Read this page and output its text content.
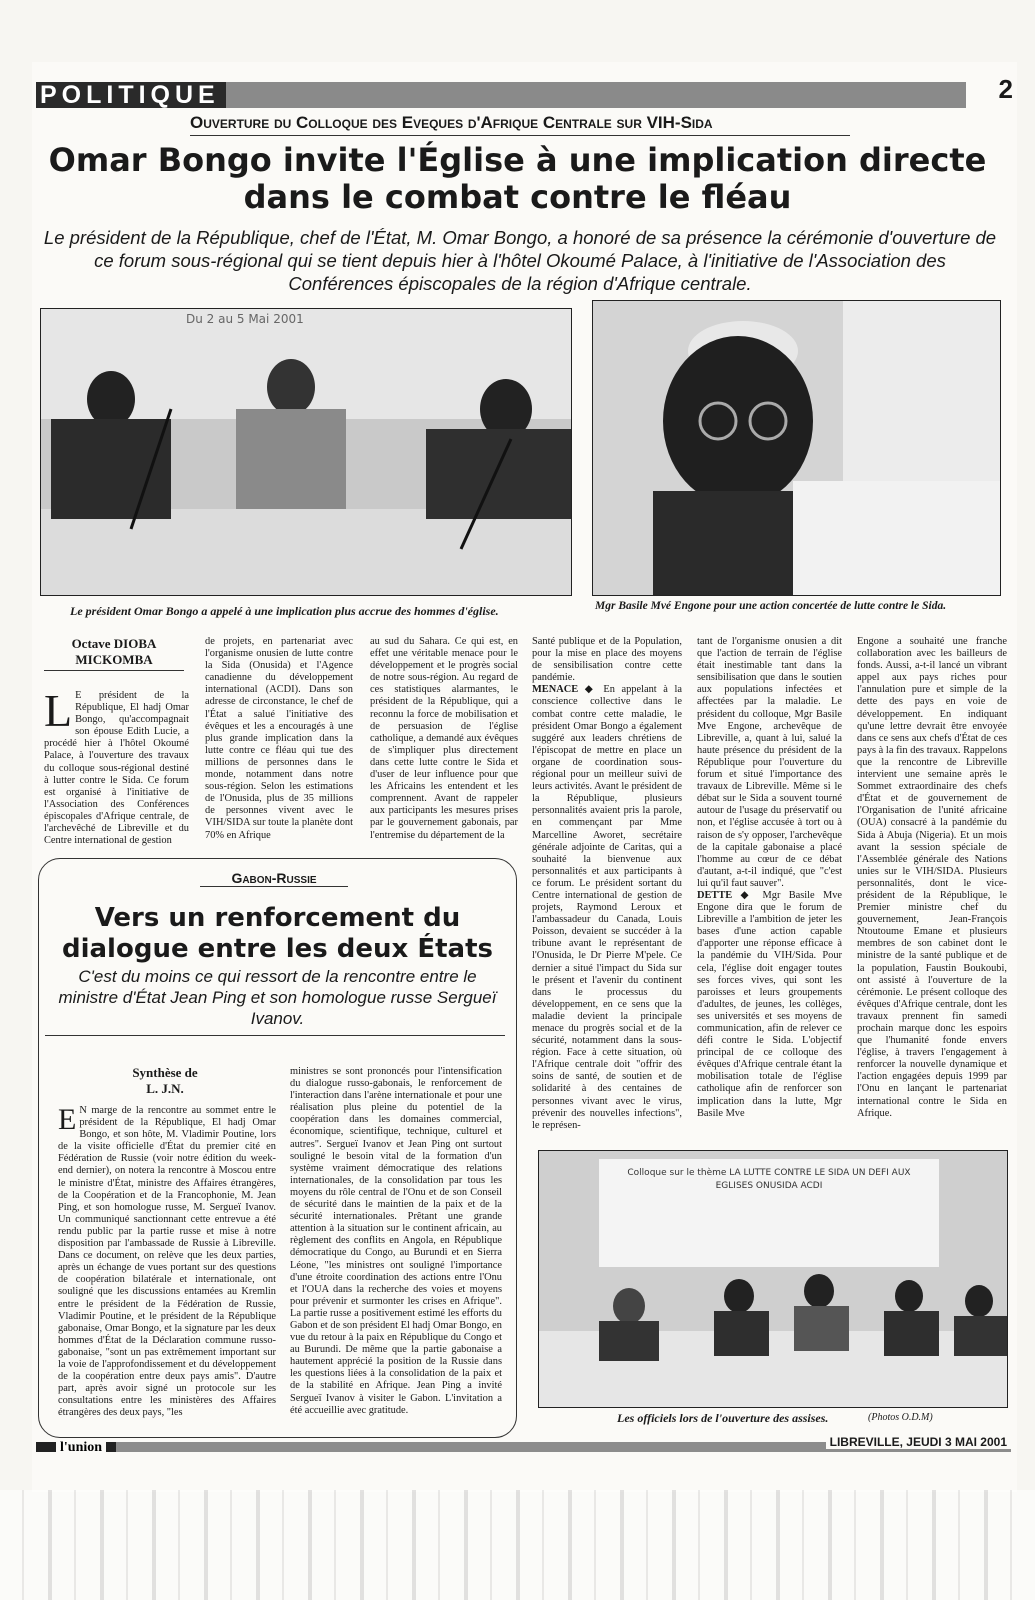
POLITIQUE	2
Ouverture du Colloque des Eveques d'Afrique Centrale sur VIH-Sida
Omar Bongo invite l'Église à une implication directe dans le combat contre le fléau
Le président de la République, chef de l'État, M. Omar Bongo, a honoré de sa présence la cérémonie d'ouverture de ce forum sous-régional qui se tient depuis hier à l'hôtel Okoumé Palace, à l'initiative de l'Association des Conférences épiscopales de la région d'Afrique centrale.
Du 2 au 5 Mai 2001
Le président Omar Bongo a appelé à une implication plus accrue des hommes d'église.	Mgr Basile Mvé Engone pour une action concertée de lutte contre le Sida.
Octave DIOBA MICKOMBA
L E président de la République, El hadj Omar Bongo, qu'accompagnait son épouse Edith Lucie, a procédé hier à l'hôtel Okoumé Palace, à l'ouverture des travaux du colloque sous-régional destiné à lutter contre le Sida. Ce forum est organisé à l'initiative de l'Association des Conférences épiscopales d'Afrique centrale, de l'archevêché de Libreville et du Centre international de gestion
de projets, en partenariat avec l'organisme onusien de lutte contre la Sida (Onusida) et l'Agence canadienne du développement international (ACDI). Dans son adresse de circonstance, le chef de l'État a salué l'initiative des évêques et les a encouragés à une plus grande implication dans la lutte contre ce fléau qui tue des millions de personnes dans le monde, notamment dans notre sous-région. Selon les estimations de l'Onusida, plus de 35 millions de personnes vivent avec le VIH/SIDA sur toute la planète dont 70% en Afrique
au sud du Sahara. Ce qui est, en effet une véritable menace pour le développement et le progrès social de notre sous-région. Au regard de ces statistiques alarmantes, le président de la République, qui a reconnu la force de mobilisation et de persuasion de l'église catholique, a demandé aux évêques de s'impliquer plus directement dans cette lutte contre le Sida et d'user de leur influence pour que les Africains les entendent et les comprennent. Avant de rappeler aux participants les mesures prises par le gouvernement gabonais, par l'entremise du département de la
Santé publique et de la Population, pour la mise en place des moyens de sensibilisation contre cette pandémie.
MENACE ◆ En appelant à la conscience collective dans le combat contre cette maladie, le président Omar Bongo a également suggéré aux leaders chrétiens de l'épiscopat de mettre en place un organe de coordination sous-régional pour un meilleur suivi de leurs activités. Avant le président de la République, plusieurs personnalités avaient pris la parole, en commençant par Mme Marcelline Aworet, secrétaire générale adjointe de Caritas, qui a souhaité la bienvenue aux personnalités et aux participants à ce forum. Le président sortant du Centre international de gestion de projets, Raymond Leroux et l'ambassadeur du Canada, Louis Poisson, devaient se succéder à la tribune avant le représentant de l'Onusida, le Dr Pierre M'pele. Ce dernier a situé l'impact du Sida sur le présent et l'avenir du continent dans le processus du développement, en ce sens que la maladie devient la principale menace du progrès social et de la sécurité, notamment dans la sous-région. Face à cette situation, où l'Afrique centrale doit "offrir des soins de santé, de soutien et de solidarité à des centaines de personnes vivant avec le virus, prévenir des nouvelles infections", le représen-
tant de l'organisme onusien a dit que l'action de terrain de l'église était inestimable tant dans la sensibilisation que dans le soutien aux populations infectées et affectées par la maladie. Le président du colloque, Mgr Basile Mve Engone, archevêque de Libreville, a, quant à lui, salué la haute présence du président de la République pour l'ouverture du forum et situé l'importance des travaux de Libreville. Même si le débat sur le Sida a souvent tourné autour de l'usage du préservatif ou non, et l'église accusée à tort ou à raison de s'y opposer, l'archevêque de la capitale gabonaise a placé l'homme au cœur de ce débat d'autant, a-t-il indiqué, que "c'est lui qu'il faut sauver".
DETTE ◆ Mgr Basile Mve Engone dira que le forum de Libreville a l'ambition de jeter les bases d'une action capable d'apporter une réponse efficace à la pandémie du VIH/Sida. Pour cela, l'église doit engager toutes ses forces vives, qui sont les paroisses et leurs groupements d'adultes, de jeunes, les collèges, ses universités et ses moyens de communication, afin de relever ce défi contre le Sida. L'objectif principal de ce colloque des évêques d'Afrique centrale étant la mobilisation totale de l'église catholique afin de renforcer son implication dans la lutte, Mgr Basile Mve
Engone a souhaité une franche collaboration avec les bailleurs de fonds. Aussi, a-t-il lancé un vibrant appel aux pays riches pour l'annulation pure et simple de la dette des pays en voie de développement. En indiquant qu'une lettre devrait être envoyée dans ce sens aux chefs d'État de ces pays à la fin des travaux. Rappelons que la rencontre de Libreville intervient une semaine après le Sommet extraordinaire des chefs d'État et de gouvernement de l'Organisation de l'unité africaine (OUA) consacré à la pandémie du Sida à Abuja (Nigeria). Et un mois avant la session spéciale de l'Assemblée générale des Nations unies sur le VIH/SIDA. Plusieurs personnalités, dont le vice-président de la République, le Premier ministre chef du gouvernement, Jean-François Ntoutoume Emane et plusieurs membres de son cabinet dont le ministre de la santé publique et de la population, Faustin Boukoubi, ont assisté à l'ouverture de la cérémonie. Le présent colloque des évêques d'Afrique centrale, dont les travaux prennent fin samedi prochain marque donc les espoirs que l'humanité fonde envers l'église, à travers l'engagement à renforcer la nouvelle dynamique et l'action engagées depuis 1999 par l'Onu en lançant le partenariat international contre le Sida en Afrique.
Gabon-Russie
Vers un renforcement du dialogue entre les deux États
C'est du moins ce qui ressort de la rencontre entre le ministre d'État Jean Ping et son homologue russe Sergueï Ivanov.
Synthèse de
L. J.N.
E N marge de la rencontre au sommet entre le président de la République, El hadj Omar Bongo, et son hôte, M. Vladimir Poutine, lors de la visite officielle d'État du premier cité en Fédération de Russie (voir notre édition du week-end dernier), on notera la rencontre à Moscou entre le ministre d'État, ministre des Affaires étrangères, de la Coopération et de la Francophonie, M. Jean Ping, et son homologue russe, M. Sergueï Ivanov. Un communiqué sanctionnant cette entrevue a été rendu public par la partie russe et mise à notre disposition par l'ambassade de Russie à Libreville. Dans ce document, on relève que les deux parties, après un échange de vues portant sur des questions de coopération bilatérale et internationale, ont souligné que les discussions entamées au Kremlin entre le président de la Fédération de Russie, Vladimir Poutine, et le président de la République gabonaise, Omar Bongo, et la signature par les deux hommes d'État de la Déclaration commune russo-gabonaise, "sont un pas extrêmement important sur la voie de l'approfondissement et du développement de la coopération entre deux pays amis". D'autre part, après avoir signé un protocole sur les consultations entre les ministères des Affaires étrangères des deux pays, "les
ministres se sont prononcés pour l'intensification du dialogue russo-gabonais, le renforcement de l'interaction dans l'arène internationale et pour une réalisation plus pleine du potentiel de la coopération dans les domaines commercial, économique, scientifique, technique, culturel et autres". Sergueï Ivanov et Jean Ping ont surtout souligné le besoin vital de la formation d'un système vraiment démocratique des relations internationales, de la consolidation par tous les moyens du rôle central de l'Onu et de son Conseil de sécurité dans le maintien de la paix et de la sécurité internationales. Prêtant une grande attention à la situation sur le continent africain, au règlement des conflits en Angola, en République démocratique du Congo, au Burundi et en Sierra Léone, "les ministres ont souligné l'importance d'une étroite coordination des actions entre l'Onu et l'OUA dans la recherche des voies et moyens pour prévenir et surmonter les crises en Afrique". La partie russe a positivement estimé les efforts du Gabon et de son président El hadj Omar Bongo, en vue du retour à la paix en République du Congo et au Burundi. De même que la partie gabonaise a hautement apprécié la position de la Russie dans les questions liées à la consolidation de la paix et de la stabilité en Afrique. Jean Ping a invité Sergueï Ivanov à visiter le Gabon. L'invitation a été accueillie avec gratitude.
Colloque sur le thème LA LUTTE CONTRE LE SIDA UN DEFI AUX EGLISES ONUSIDA ACDI
Les officiels lors de l'ouverture des assises.	(Photos O.D.M)
l'union	LIBREVILLE, JEUDI 3 MAI 2001
